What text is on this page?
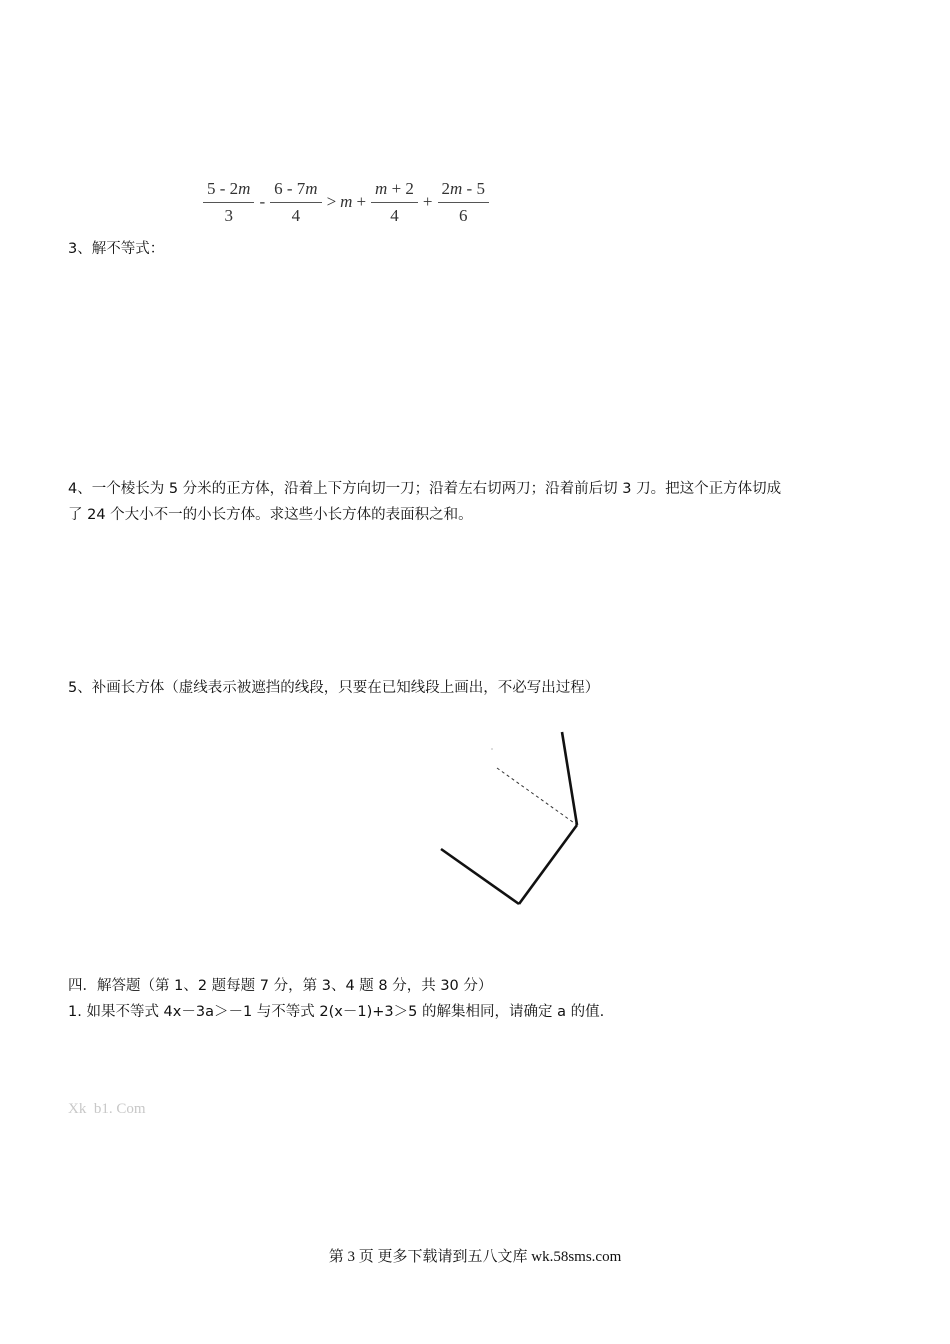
$\frac{5 - 2m}{3} - \frac{6 - 7m}{4} > m + \frac{m + 2}{4} + \frac{2m - 5}{6}$
3、解不等式：
4、一个棱长为 5 分米的正方体，沿着上下方向切一刀；沿着左右切两刀；沿着前后切 3 刀。把这个正方体切成
了 24 个大小不一的小长方体。求这些小长方体的表面积之和。
5、补画长方体（虚线表示被遮挡的线段，只要在已知线段上画出，不必写出过程）
四．解答题（第 1、2 题每题 7 分，第 3、4 题 8 分，共 30 分）
1. 如果不等式 4x－3a＞－1 与不等式 2(x－1)+3＞5 的解集相同，请确定 a 的值.
Xk  b1. Com
第 3 页 更多下载请到五八文库 wk.58sms.com
